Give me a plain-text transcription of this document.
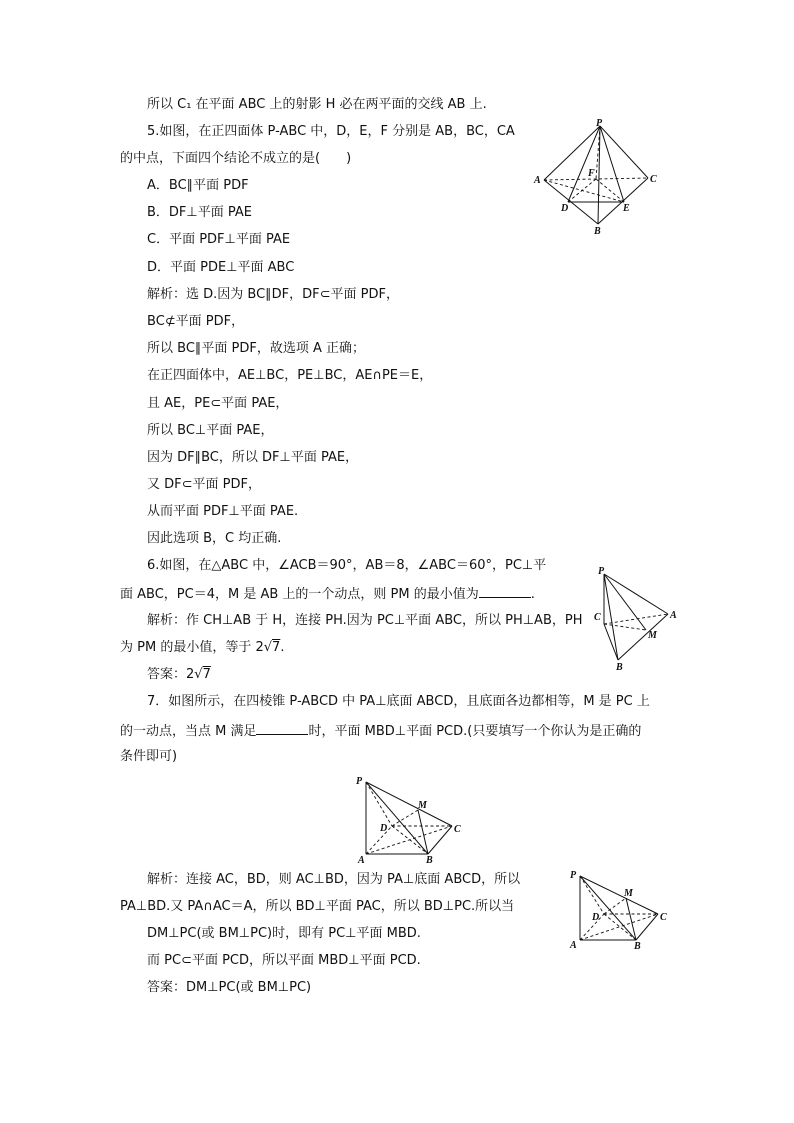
所以 C₁ 在平面 ABC 上的射影 H 必在两平面的交线 AB 上.
5.如图，在正四面体 P-ABC 中，D，E，F 分别是 AB，BC，CA
的中点，下面四个结论不成立的是(　　)
A．BC∥平面 PDF
B．DF⊥平面 PAE
C．平面 PDF⊥平面 PAE
D．平面 PDE⊥平面 ABC
解析：选 D.因为 BC∥DF，DF⊂平面 PDF，
BC⊄平面 PDF，
所以 BC∥平面 PDF，故选项 A 正确；
在正四面体中，AE⊥BC，PE⊥BC，AE∩PE＝E，
且 AE，PE⊂平面 PAE，
所以 BC⊥平面 PAE，
因为 DF∥BC，所以 DF⊥平面 PAE，
又 DF⊂平面 PDF，
从而平面 PDF⊥平面 PAE.
因此选项 B，C 均正确.
6.如图，在△ABC 中，∠ACB＝90°，AB＝8，∠ABC＝60°，PC⊥平
面 ABC，PC＝4，M 是 AB 上的一个动点，则 PM 的最小值为	.
解析：作 CH⊥AB 于 H，连接 PH.因为 PC⊥平面 ABC，所以 PH⊥AB，PH
为 PM 的最小值，等于 2√7.
答案：2√7
7．如图所示，在四棱锥 P-ABCD 中 PA⊥底面 ABCD，且底面各边都相等，M 是 PC 上
的一动点，当点 M 满足	时，平面 MBD⊥平面 PCD.(只要填写一个你认为是正确的
条件即可)
解析：连接 AC，BD，则 AC⊥BD，因为 PA⊥底面 ABCD，所以
PA⊥BD.又 PA∩AC＝A，所以 BD⊥平面 PAC，所以 BD⊥PC.所以当
DM⊥PC(或 BM⊥PC)时，即有 PC⊥平面 MBD.
而 PC⊂平面 PCD，所以平面 MBD⊥平面 PCD.
答案：DM⊥PC(或 BM⊥PC)
P
A
B
C
D	E
F
P
C	A
M
B
P
M
D	C
A	B
P
M
D	C
A	B
